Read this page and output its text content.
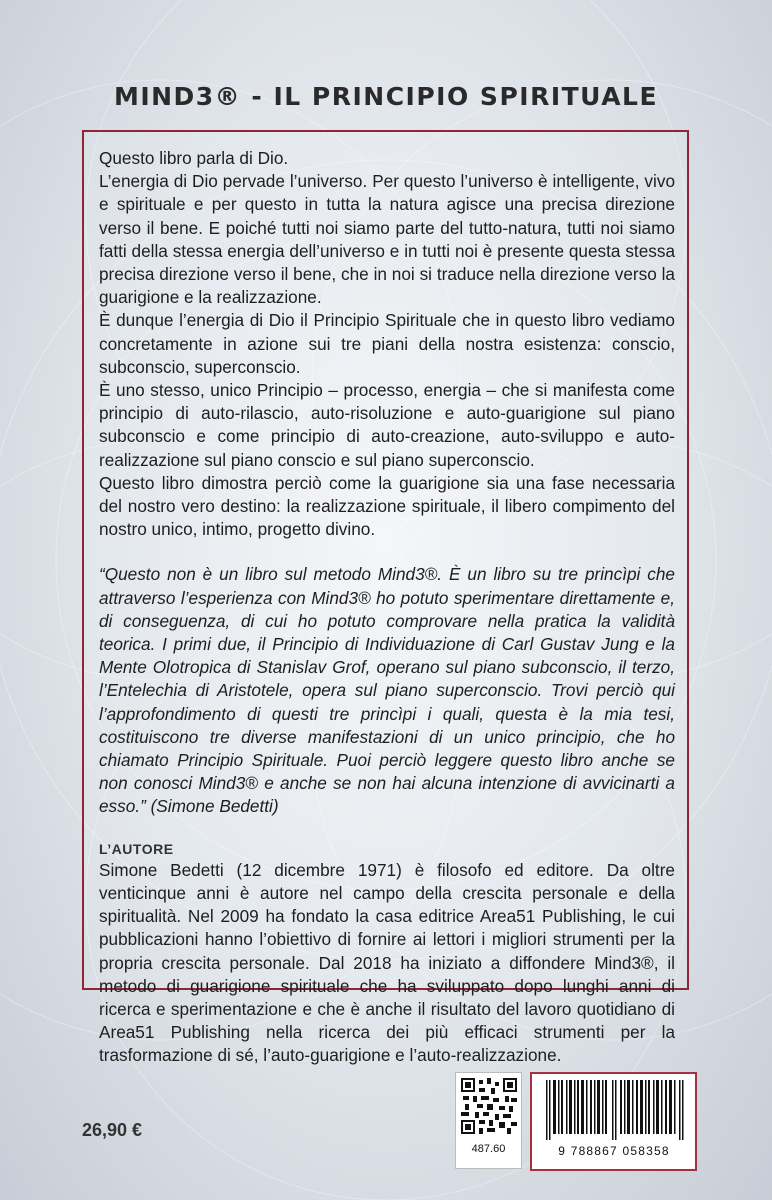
MIND3® - IL PRINCIPIO SPIRITUALE

Questo libro parla di Dio.

L’energia di Dio pervade l’universo. Per questo l’universo è intelligente, vivo e spirituale e per questo in tutta la natura agisce una precisa direzione verso il bene. E poiché tutti noi siamo parte del tutto-natura, tutti noi siamo fatti della stessa energia dell’universo e in tutti noi è presente questa stessa precisa direzione verso il bene, che in noi si traduce nella direzione verso la guarigione e la realizzazione.

È dunque l’energia di Dio il Principio Spirituale che in questo libro vediamo concretamente in azione sui tre piani della nostra esistenza: conscio, subconscio, superconscio.

È uno stesso, unico Principio – processo, energia – che si manifesta come principio di auto-rilascio, auto-risoluzione e auto-guarigione sul piano subconscio e come principio di auto-creazione, auto-sviluppo e auto-realizzazione sul piano conscio e sul piano superconscio.

Questo libro dimostra perciò come la guarigione sia una fase necessaria del nostro vero destino: la realizzazione spirituale, il libero compimento del nostro unico, intimo, progetto divino.

“Questo non è un libro sul metodo Mind3®. È un libro su tre princìpi che attraverso l’esperienza con Mind3® ho potuto sperimentare direttamente e, di conseguenza, di cui ho potuto comprovare nella pratica la validità teorica. I primi due, il Principio di Individuazione di Carl Gustav Jung e la Mente Olotropica di Stanislav Grof, operano sul piano subconscio, il terzo, l’Entelechia di Aristotele, opera sul piano superconscio. Trovi perciò qui l’approfondimento di questi tre princìpi i quali, questa è la mia tesi, costituiscono tre diverse manifestazioni di un unico principio, che ho chiamato Principio Spirituale. Puoi perciò leggere questo libro anche se non conosci Mind3® e anche se non hai alcuna intenzione di avvicinarti a esso.” (Simone Bedetti)

L’AUTORE

Simone Bedetti (12 dicembre 1971) è filosofo ed editore. Da oltre venticinque anni è autore nel campo della crescita personale e della spiritualità. Nel 2009 ha fondato la casa editrice Area51 Publishing, le cui pubblicazioni hanno l’obiettivo di fornire ai lettori i migliori strumenti per la propria crescita personale. Dal 2018 ha iniziato a diffondere Mind3®, il metodo di guarigione spirituale che ha sviluppato dopo lunghi anni di ricerca e sperimentazione e che è anche il risultato del lavoro quotidiano di Area51 Publishing nella ricerca dei più efficaci strumenti per la trasformazione di sé, l’auto-guarigione e l’auto-realizzazione.

26,90 €
487.60	9 788867 058358
